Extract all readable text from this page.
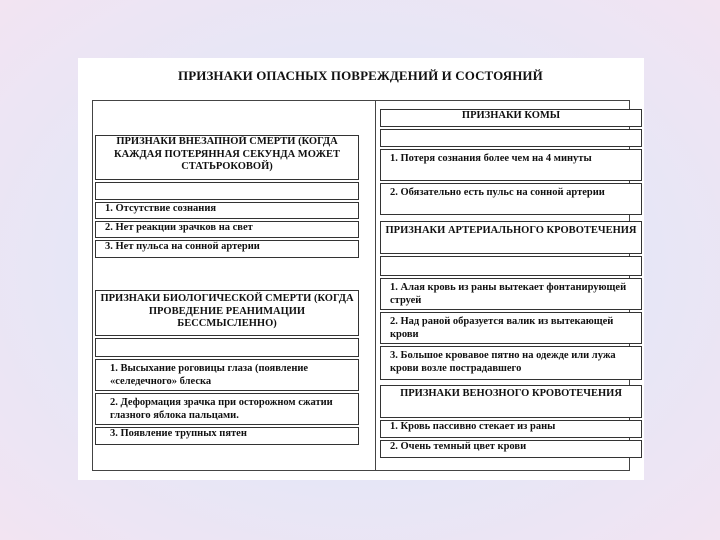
ПРИЗНАКИ ОПАСНЫХ ПОВРЕЖДЕНИЙ И СОСТОЯНИЙ
ПРИЗНАКИ ВНЕЗАПНОЙ СМЕРТИ (КОГДА КАЖДАЯ ПОТЕРЯННАЯ СЕКУНДА МОЖЕТ СТАТЬРОКОВОЙ)
1. Отсутствие сознания
2. Нет реакции зрачков на свет
3. Нет пульса на сонной артерии
ПРИЗНАКИ БИОЛОГИЧЕСКОЙ СМЕРТИ (КОГДА ПРОВЕДЕНИЕ РЕАНИМАЦИИ БЕССМЫСЛЕННО)
1. Высыхание роговицы глаза (появление «селедечного» блеска
2. Деформация зрачка при осторожном сжатии глазного яблока пальцами.
3. Появление трупных пятен
ПРИЗНАКИ КОМЫ
1. Потеря сознания более чем на 4 минуты
2. Обязательно есть пульс на сонной артерии
ПРИЗНАКИ АРТЕРИАЛЬНОГО КРОВОТЕЧЕНИЯ
1. Алая кровь из раны вытекает фонтанирующей струей
2. Над раной образуется валик из вытекающей крови
3. Большое кровавое пятно на одежде или лужа крови возле пострадавшего
ПРИЗНАКИ ВЕНОЗНОГО КРОВОТЕЧЕНИЯ
1. Кровь пассивно стекает из раны
2. Очень темный цвет крови
